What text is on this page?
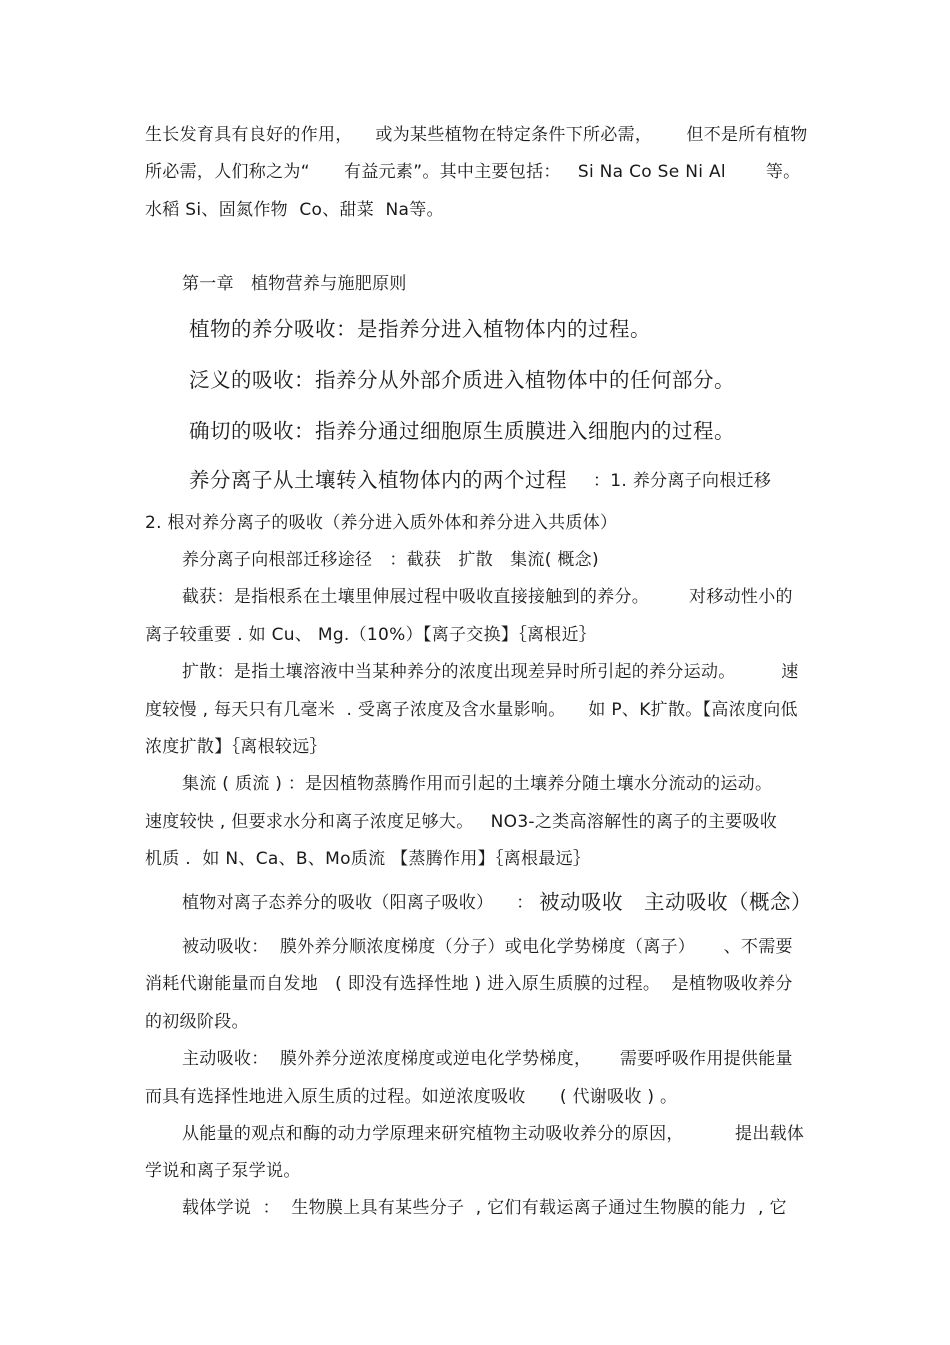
生长发育具有良好的作用，    或为某些植物在特定条件下所必需，      但不是所有植物
所必需，人们称之为“      有益元素”。其中主要包括：   Si Na Co Se Ni Al       等。
水稻 Si、固氮作物  Co、甜菜  Na等。
第一章   植物营养与施肥原则
植物的养分吸收：是指养分进入植物体内的过程。
泛义的吸收：指养分从外部介质进入植物体中的任何部分。
确切的吸收：指养分通过细胞原生质膜进入细胞内的过程。
养分离子从土壤转入植物体内的两个过程 ：1. 养分离子向根迁移
2. 根对养分离子的吸收（养分进入质外体和养分进入共质体）
养分离子向根部迁移途径   ：截获   扩散   集流( 概念)
截获：是指根系在土壤里伸展过程中吸收直接接触到的养分。       对移动性小的
离子较重要 . 如 Cu、 Mg.（10%）【离子交换】｛离根近｝
扩散：是指土壤溶液中当某种养分的浓度出现差异时所引起的养分运动。        速
度较慢 , 每天只有几毫米  . 受离子浓度及含水量影响。    如 P、K扩散。【高浓度向低
浓度扩散】｛离根较远｝
集流 ( 质流 ) ：是因植物蒸腾作用而引起的土壤养分随土壤水分流动的运动。
速度较快 , 但要求水分和离子浓度足够大。   NO3-之类高溶解性的离子的主要吸收
机质 .  如 N、Ca、B、Mo质流 【蒸腾作用】｛离根最远｝
植物对离子态养分的吸收（阳离子吸收）    ： 被动吸收   主动吸收（概念）
被动吸收：  膜外养分顺浓度梯度（分子）或电化学势梯度（离子）     、不需要
消耗代谢能量而自发地   ( 即没有选择性地 ) 进入原生质膜的过程。  是植物吸收养分
的初级阶段。
主动吸收：  膜外养分逆浓度梯度或逆电化学势梯度，     需要呼吸作用提供能量
而具有选择性地进入原生质的过程。如逆浓度吸收      ( 代谢吸收 ) 。
从能量的观点和酶的动力学原理来研究植物主动吸收养分的原因，         提出载体
学说和离子泵学说。
载体学说  ：  生物膜上具有某些分子  , 它们有载运离子通过生物膜的能力  , 它
